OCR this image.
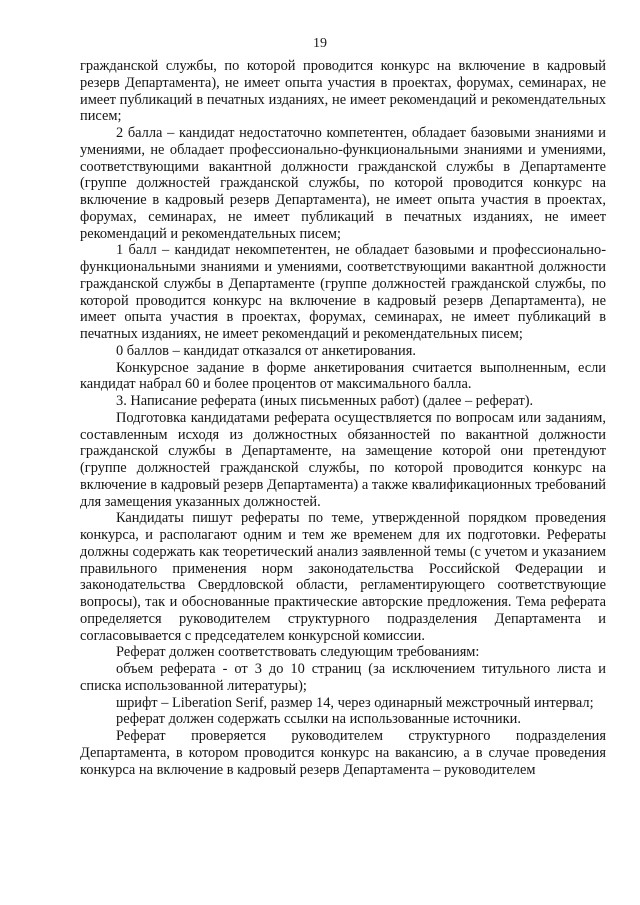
19

гражданской службы, по которой проводится конкурс на включение в кадровый резерв Департамента), не имеет опыта участия в проектах, форумах, семинарах, не имеет публикаций в печатных изданиях, не имеет рекомендаций и рекомендательных писем;

2 балла – кандидат недостаточно компетентен, обладает базовыми знаниями и умениями, не обладает профессионально-функциональными знаниями и умениями, соответствующими вакантной должности гражданской службы в Департаменте (группе должностей гражданской службы, по которой проводится конкурс на включение в кадровый резерв Департамента), не имеет опыта участия в проектах, форумах, семинарах, не имеет публикаций в печатных изданиях, не имеет рекомендаций и рекомендательных писем;

1 балл – кандидат некомпетентен, не обладает базовыми и профессионально-функциональными знаниями и умениями, соответствующими вакантной должности гражданской службы в Департаменте (группе должностей гражданской службы, по которой проводится конкурс на включение в кадровый резерв Департамента), не имеет опыта участия в проектах, форумах, семинарах, не имеет публикаций в печатных изданиях, не имеет рекомендаций и рекомендательных писем;

0 баллов – кандидат отказался от анкетирования.

Конкурсное задание в форме анкетирования считается выполненным, если кандидат набрал 60 и более процентов от максимального балла.

3. Написание реферата (иных письменных работ) (далее – реферат).

Подготовка кандидатами реферата осуществляется по вопросам или заданиям, составленным исходя из должностных обязанностей по вакантной должности гражданской службы в Департаменте, на замещение которой они претендуют (группе должностей гражданской службы, по которой проводится конкурс на включение в кадровый резерв Департамента) а также квалификационных требований для замещения указанных должностей.

Кандидаты пишут рефераты по теме, утвержденной порядком проведения конкурса, и располагают одним и тем же временем для их подготовки. Рефераты должны содержать как теоретический анализ заявленной темы (с учетом и указанием правильного применения норм законодательства Российской Федерации и законодательства Свердловской области, регламентирующего соответствующие вопросы), так и обоснованные практические авторские предложения. Тема реферата определяется руководителем структурного подразделения Департамента и согласовывается с председателем конкурсной комиссии.

Реферат должен соответствовать следующим требованиям:

объем реферата - от 3 до 10 страниц (за исключением титульного листа и списка использованной литературы);

шрифт – Liberation Serif, размер 14, через одинарный межстрочный интервал;

реферат должен содержать ссылки на использованные источники.

Реферат проверяется руководителем структурного подразделения Департамента, в котором проводится конкурс на вакансию, а в случае проведения конкурса на включение в кадровый резерв Департамента – руководителем
